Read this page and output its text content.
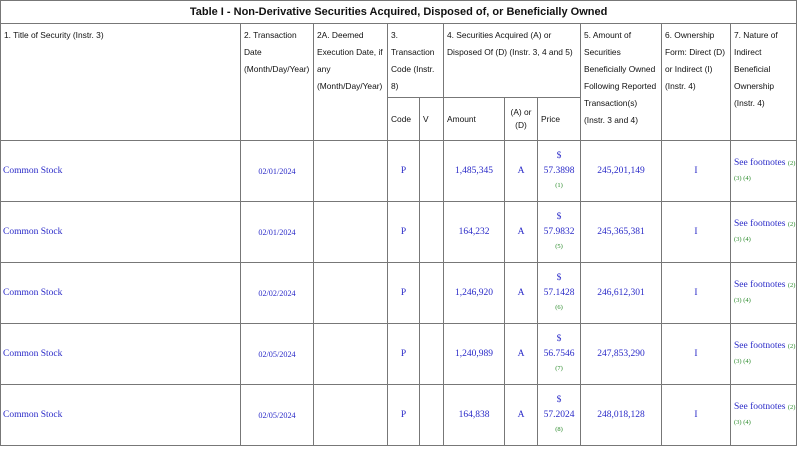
Table I - Non-Derivative Securities Acquired, Disposed of, or Beneficially Owned										
1. Title of Security (Instr. 3)	2. Transaction Date (Month/Day/Year)	2A. Deemed Execution Date, if any (Month/Day/Year)	3. Transaction Code (Instr. 8)		4. Securities Acquired (A) or Disposed Of (D) (Instr. 3, 4 and 5)			5. Amount of Securities Beneficially Owned Following Reported Transaction(s) (Instr. 3 and 4)	6. Ownership Form: Direct (D) or Indirect (I) (Instr. 4)	7. Nature of Indirect Beneficial Ownership (Instr. 4)
			Code	V	Amount	(A) or (D)	Price			
Common Stock	02/01/2024		P		1,485,345	A	$
57.3898
(1)	245,201,149	I	See footnotes (2)
(3) (4)
Common Stock	02/01/2024		P		164,232	A	$
57.9832
(5)	245,365,381	I	See footnotes (2)
(3) (4)
Common Stock	02/02/2024		P		1,246,920	A	$
57.1428
(6)	246,612,301	I	See footnotes (2)
(3) (4)
Common Stock	02/05/2024		P		1,240,989	A	$
56.7546
(7)	247,853,290	I	See footnotes (2)
(3) (4)
Common Stock	02/05/2024		P		164,838	A	$
57.2024
(8)	248,018,128	I	See footnotes (2)
(3) (4)
